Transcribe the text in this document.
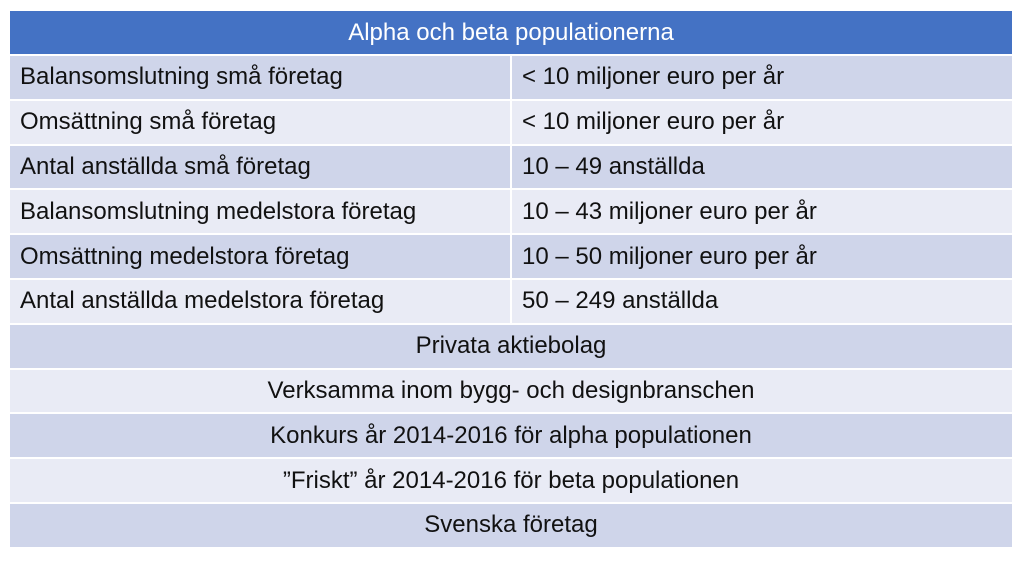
Alpha och beta populationerna	
Balansomslutning små företag	< 10 miljoner euro per år
Omsättning små företag	< 10 miljoner euro per år
Antal anställda små företag	10 – 49 anställda
Balansomslutning medelstora företag	10 – 43 miljoner euro per år
Omsättning medelstora företag	10 – 50 miljoner euro per år
Antal anställda medelstora företag	50 – 249 anställda
Privata aktiebolag	
Verksamma inom bygg- och designbranschen	
Konkurs år 2014-2016 för alpha populationen	
”Friskt” år 2014-2016 för beta populationen	
Svenska företag	
